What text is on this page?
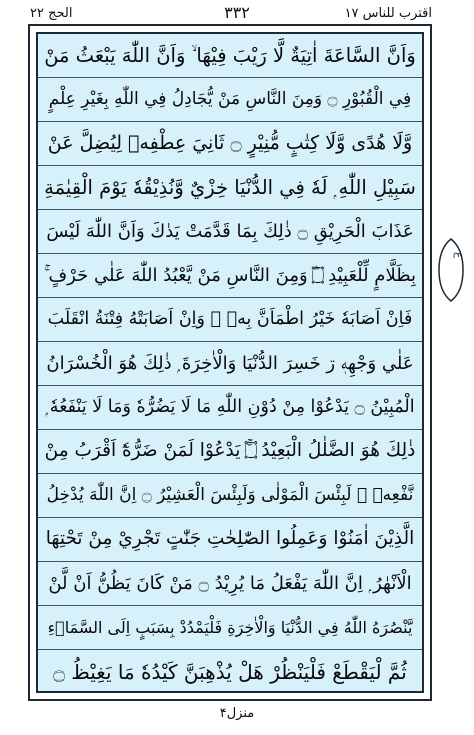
اقترب للناس ١٧
٣٣٢
الحج ٢٢
وَاَنَّ السَّاعَةَ اٰتِيَةٌ لَّا رَيْبَ فِيْهَا ۙ وَاَنَّ اللّٰهَ يَبْعَثُ مَنْ
فِي الْقُبُوْرِ ۝ وَمِنَ النَّاسِ مَنْ يُّجَادِلُ فِي اللّٰهِ بِغَيْرِ عِلْمٍ
وَّلَا هُدًى وَّلَا كِتٰبٍ مُّنِيْرٍ ۝ ثَانِيَ عِطْفِهٖ لِيُضِلَّ عَنْ
سَبِيْلِ اللّٰهِ ۭ لَهٗ فِي الدُّنْيَا خِزْيٌ وَّنُذِيْقُهٗ يَوْمَ الْقِيٰمَةِ
عَذَابَ الْحَرِيْقِ ۝ ذٰلِكَ بِمَا قَدَّمَتْ يَدٰكَ وَاَنَّ اللّٰهَ لَيْسَ
بِظَلَّامٍ لِّلْعَبِيْدِ ۝ۧ وَمِنَ النَّاسِ مَنْ يَّعْبُدُ اللّٰهَ عَلٰي حَرْفٍ ۚ
فَاِنْ اَصَابَهٗ خَيْرُ اطْمَاَنَّ بِهٖ ۚ وَاِنْ اَصَابَتْهُ فِتْنَةُ انْقَلَبَ
عَلٰي وَجْهِهٖ ڗ خَسِرَ الدُّنْيَا وَالْاٰخِرَةَ ۭ ذٰلِكَ هُوَ الْخُسْرَانُ
الْمُبِيْنُ ۝ يَدْعُوْا مِنْ دُوْنِ اللّٰهِ مَا لَا يَضُرُّهٗ وَمَا لَا يَنْفَعُهٗ ۭ
ذٰلِكَ هُوَ الضَّلٰلُ الْبَعِيْدُ ۝ۚ يَدْعُوْا لَمَنْ ضَرُّهٗٓ اَقْرَبُ مِنْ
نَّفْعِهٖ ۭ لَبِئْسَ الْمَوْلٰى وَلَبِئْسَ الْعَشِيْرُ ۝ اِنَّ اللّٰهَ يُدْخِلُ
الَّذِيْنَ اٰمَنُوْا وَعَمِلُوا الصّٰلِحٰتِ جَنّٰتٍ تَجْرِيْ مِنْ تَحْتِهَا
الْاَنْهٰرُ ۭ اِنَّ اللّٰهَ يَفْعَلُ مَا يُرِيْدُ ۝ مَنْ كَانَ يَظُنُّ اَنْ لَّنْ
يَّنْصُرَهُ اللّٰهُ فِي الدُّنْيَا وَالْاٰخِرَةِ فَلْيَمْدُدْ بِسَبَبٍ اِلَى السَّمَاۗءِ
ثُمَّ لْيَقْطَعْ فَلْيَنْظُرْ هَلْ يُذْهِبَنَّ كَيْدُهٗ مَا يَغِيْظُ ۝
ع
منزل۴
